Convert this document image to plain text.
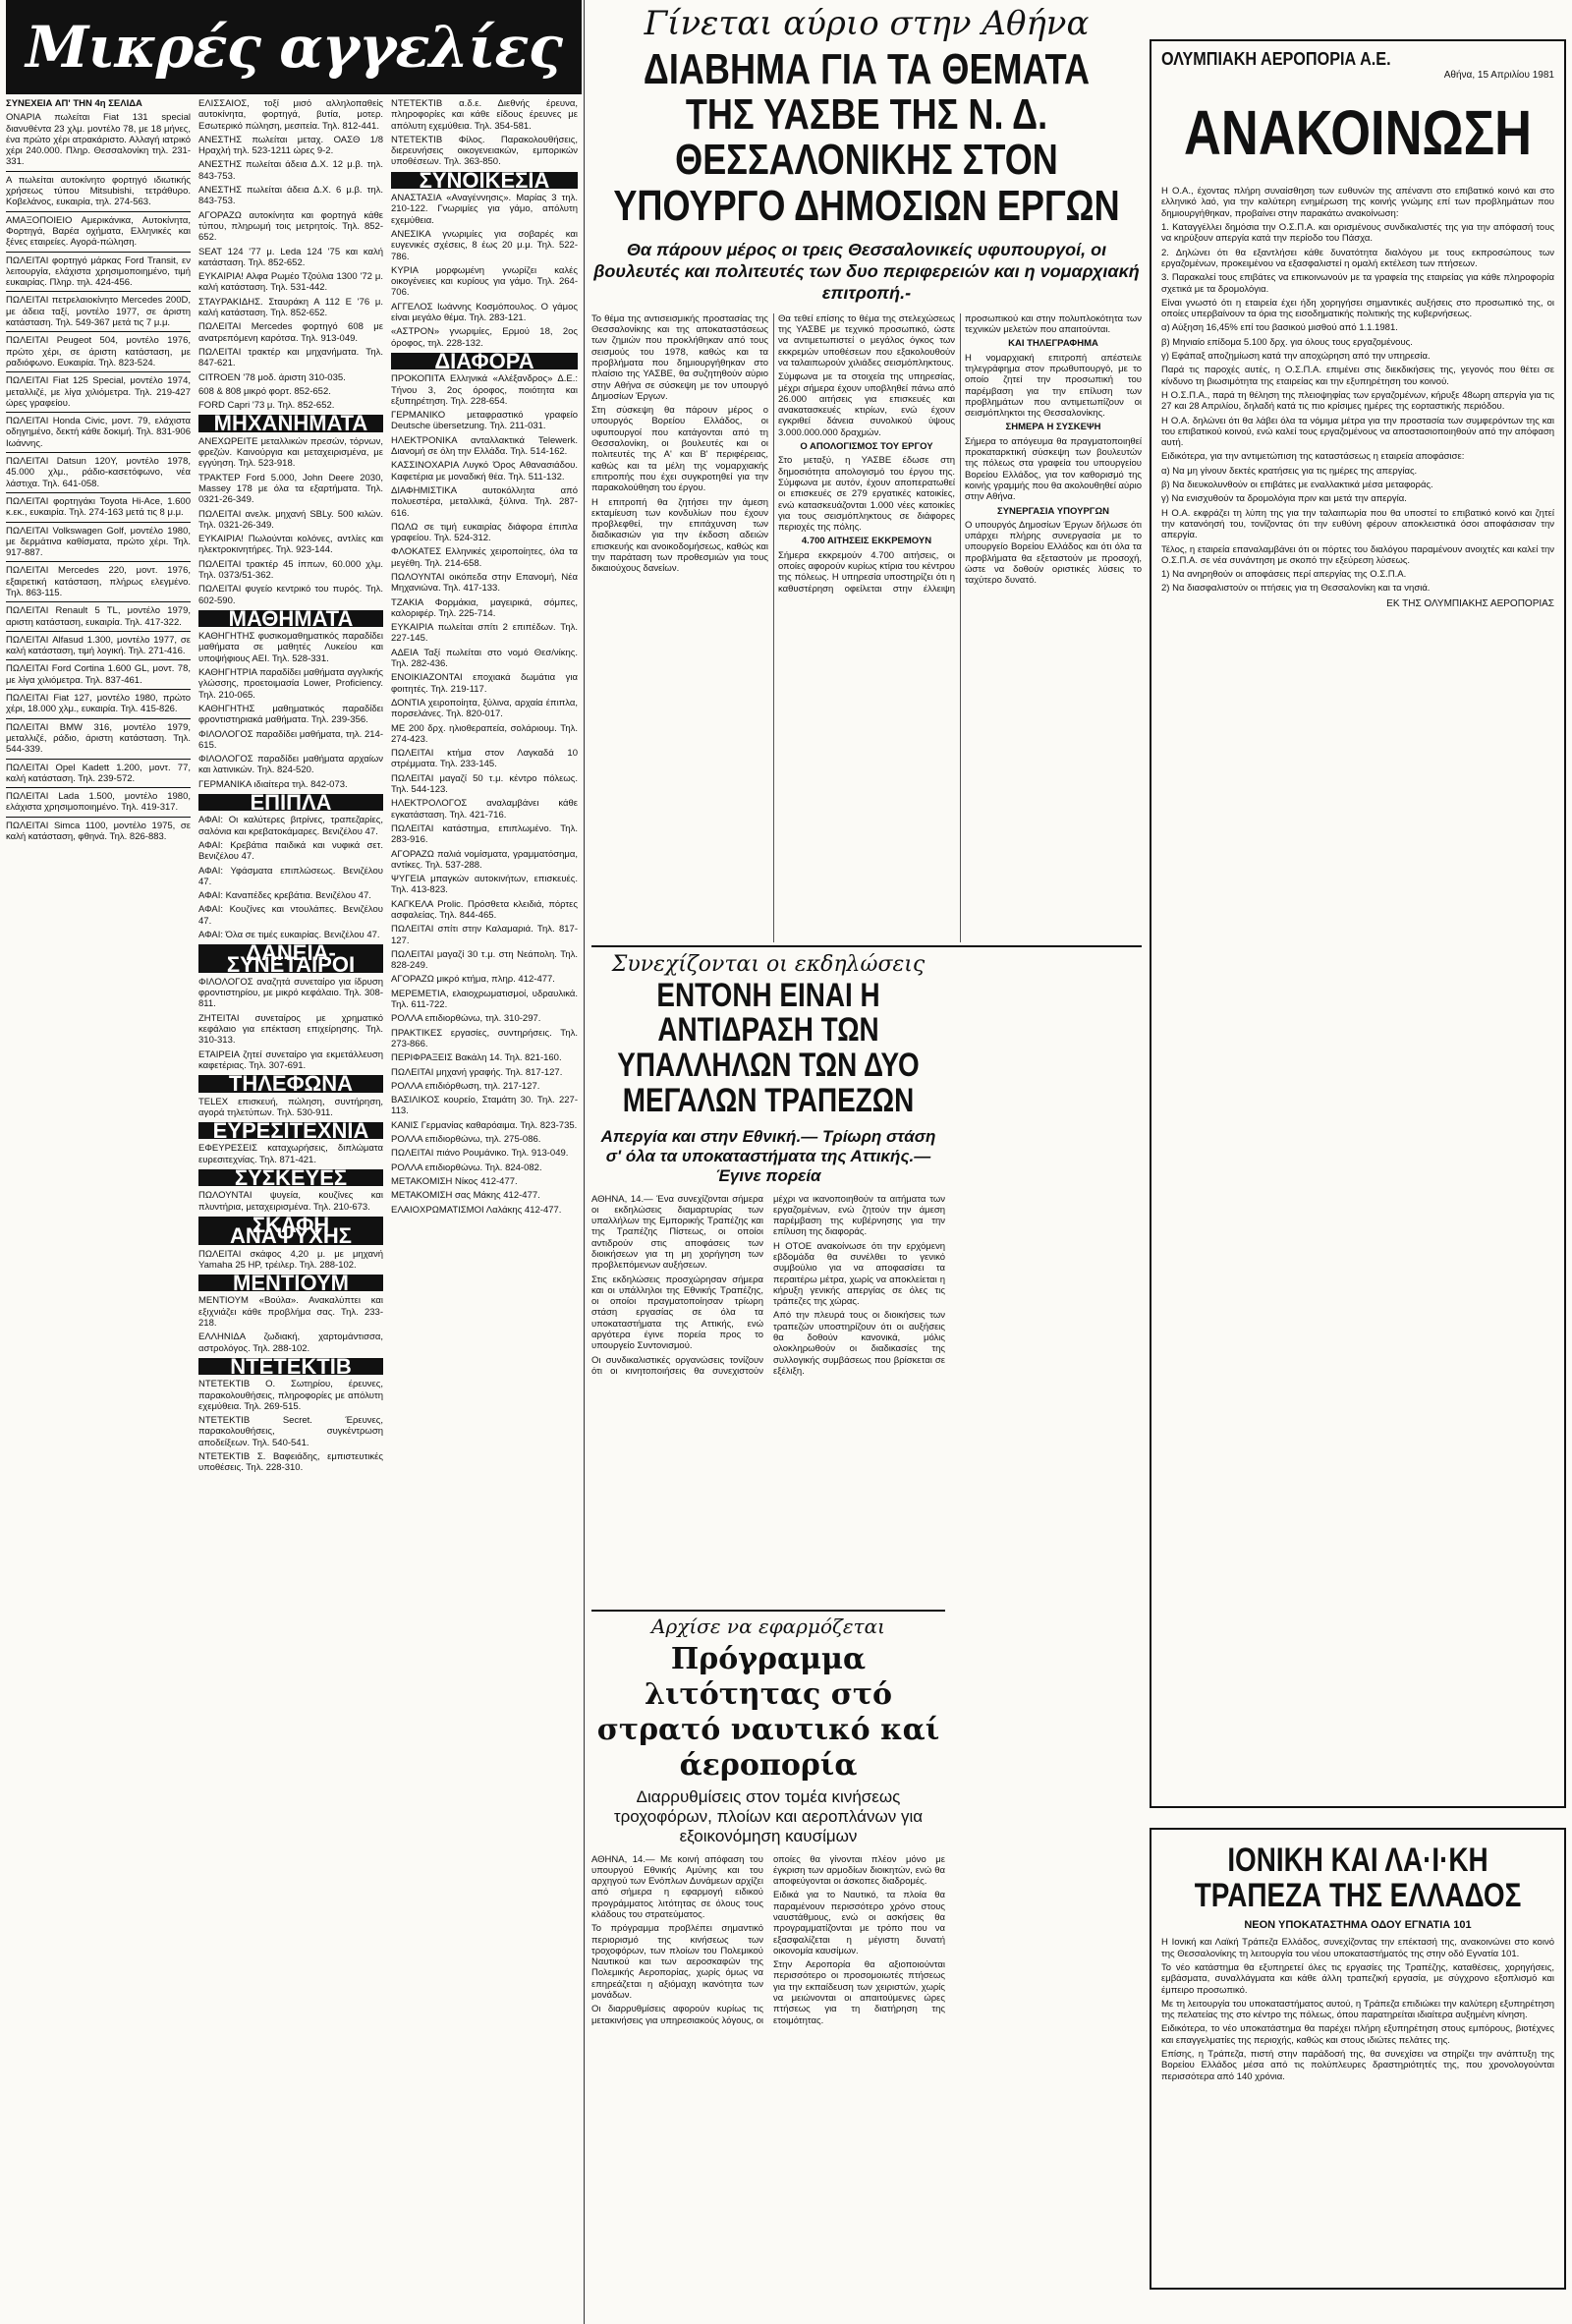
Μικρές αγγελίες

ΣΥΝΕΧΕΙΑ ΑΠ' ΤΗΝ 4η ΣΕΛΙΔΑ

ΟΝΑΡΙΑ πωλείται Fiat 131 special διανυθέντα 23 χλμ. μοντέλο 78, με 18 μήνες, ένα πρώτο χέρι ατρακάριστο. Αλλαγή ιατρικό χέρι 240.000. Πληρ. Θεσσαλονίκη τηλ. 231-331.

Α πωλείται αυτοκίνητο φορτηγό ιδιωτικής χρήσεως τύπου Mitsubishi, τετράθυρο. Κοβελάνος, ευκαιρία, τηλ. 274-563.

ΑΜΑΞΟΠΟΙΕΙΟ Αμερικάνικα, Αυτοκίνητα, Φορτηγά, Βαρέα οχήματα, Ελληνικές και ξένες εταιρείες. Αγορά-πώληση.

ΠΩΛΕΙΤΑΙ φορτηγό μάρκας Ford Transit, εν λειτουργία, ελάχιστα χρησιμοποιημένο, τιμή ευκαιρίας. Πληρ. τηλ. 424-456.

ΠΩΛΕΙΤΑΙ πετρελαιοκίνητο Mercedes 200D, με άδεια ταξί, μοντέλο 1977, σε άριστη κατάσταση. Τηλ. 549-367 μετά τις 7 μ.μ.

ΠΩΛΕΙΤΑΙ Peugeot 504, μοντέλο 1976, πρώτο χέρι, σε άριστη κατάσταση, με ραδιόφωνο. Ευκαιρία. Τηλ. 823-524.

ΠΩΛΕΙΤΑΙ Fiat 125 Special, μοντέλο 1974, μεταλλιζέ, με λίγα χιλιόμετρα. Τηλ. 219-427 ώρες γραφείου.

ΠΩΛΕΙΤΑΙ Honda Civic, μοντ. 79, ελάχιστα οδηγημένο, δεκτή κάθε δοκιμή. Τηλ. 831-906 Ιωάννης.

ΠΩΛΕΙΤΑΙ Datsun 120Y, μοντέλο 1978, 45.000 χλμ., ράδιο-κασετόφωνο, νέα λάστιχα. Τηλ. 641-058.

ΠΩΛΕΙΤΑΙ φορτηγάκι Toyota Hi-Ace, 1.600 κ.εκ., ευκαιρία. Τηλ. 274-163 μετά τις 8 μ.μ.

ΠΩΛΕΙΤΑΙ Volkswagen Golf, μοντέλο 1980, με δερμάτινα καθίσματα, πρώτο χέρι. Τηλ. 917-887.

ΠΩΛΕΙΤΑΙ Mercedes 220, μοντ. 1976, εξαιρετική κατάσταση, πλήρως ελεγμένο. Τηλ. 863-115.

ΠΩΛΕΙΤΑΙ Renault 5 TL, μοντέλο 1979, αριστη κατάσταση, ευκαιρία. Τηλ. 417-322.

ΠΩΛΕΙΤΑΙ Alfasud 1.300, μοντέλο 1977, σε καλή κατάσταση, τιμή λογική. Τηλ. 271-416.

ΠΩΛΕΙΤΑΙ Ford Cortina 1.600 GL, μοντ. 78, με λίγα χιλιόμετρα. Τηλ. 837-461.

ΠΩΛΕΙΤΑΙ Fiat 127, μοντέλο 1980, πρώτο χέρι, 18.000 χλμ., ευκαιρία. Τηλ. 415-826.

ΠΩΛΕΙΤΑΙ BMW 316, μοντέλο 1979, μεταλλιζέ, ράδιο, άριστη κατάσταση. Τηλ. 544-339.

ΠΩΛΕΙΤΑΙ Opel Kadett 1.200, μοντ. 77, καλή κατάσταση. Τηλ. 239-572.

ΠΩΛΕΙΤΑΙ Lada 1.500, μοντέλο 1980, ελάχιστα χρησιμοποιημένο. Τηλ. 419-317.

ΠΩΛΕΙΤΑΙ Simca 1100, μοντέλο 1975, σε καλή κατάσταση, φθηνά. Τηλ. 826-883.

ΕΛΙΣΣΑΙΟΣ, τοξί μισό αλληλοπαθείς αυτοκίνητα, φορτηγά, βυτία, μοτερ. Εσωτερικό πώληση, μεσιτεία. Τηλ. 812-441.

ΑΝΕΣΤΗΣ πωλείται μεταχ. ΟΑΣΘ 1/8 Ηραχλή τηλ. 523-1211 ώρες 9-2.

ΑΝΕΣΤΗΣ πωλείται άδεια Δ.Χ. 12 μ.β. τηλ. 843-753.

ΑΝΕΣΤΗΣ πωλείται άδεια Δ.Χ. 6 μ.β. τηλ. 843-753.

ΑΓΟΡΑΖΩ αυτοκίνητα και φορτηγά κάθε τύπου, πληρωμή τοις μετρητοίς. Τηλ. 852-652.

SEAT 124 '77 μ. Leda 124 '75 και καλή κατάσταση. Τηλ. 852-652.

ΕΥΚΑΙΡΙΑ! Αλφα Ρωμέο Τζούλια 1300 '72 μ. καλή κατάσταση. Τηλ. 531-442.

ΣΤΑΥΡΑΚΙΔΗΣ. Σταυράκη Α 112 Ε '76 μ. καλή κατάσταση. Τηλ. 852-652.

ΠΩΛΕΙΤΑΙ Mercedes φορτηγό 608 με ανατρεπόμενη καρότσα. Τηλ. 913-049.

ΠΩΛΕΙΤΑΙ τρακτέρ και μηχανήματα. Τηλ. 847-621.

CITROEN '78 μοδ. άριστη 310-035.

608 & 808 μικρό φορτ. 852-652.

FORD Capri '73 μ. Τηλ. 852-652.

ΜΗΧΑΝΗΜΑΤΑ

ΑΝΕΧΩΡΕΙΤΕ μεταλλικών πρεσών, τόρνων, φρεζών. Καινούργια και μεταχειρισμένα, με εγγύηση. Τηλ. 523-918.

ΤΡΑΚΤΕΡ Ford 5.000, John Deere 2030, Massey 178 με όλα τα εξαρτήματα. Τηλ. 0321-26-349.

ΠΩΛΕΙΤΑΙ ανελκ. μηχανή SBLy. 500 κιλών. Τηλ. 0321-26-349.

ΕΥΚΑΙΡΙΑ! Πωλούνται κολόνες, αντλίες και ηλεκτροκινητήρες. Τηλ. 923-144.

ΠΩΛΕΙΤΑΙ τρακτέρ 45 ίππων, 60.000 χλμ. Τηλ. 0373/51-362.

ΠΩΛΕΙΤΑΙ φυγείο κεντρικό του πυρός. Τηλ. 602-590.

ΜΑΘΗΜΑΤΑ

ΚΑΘΗΓΗΤΗΣ φυσικομαθηματικός παραδίδει μαθήματα σε μαθητές Λυκείου και υποψήφιους ΑΕΙ. Τηλ. 528-331.

ΚΑΘΗΓΗΤΡΙΑ παραδίδει μαθήματα αγγλικής γλώσσης, προετοιμασία Lower, Proficiency. Τηλ. 210-065.

ΚΑΘΗΓΗΤΗΣ μαθηματικός παραδίδει φροντιστηριακά μαθήματα. Τηλ. 239-356.

ΦΙΛΟΛΟΓΟΣ παραδίδει μαθήματα, τηλ. 214-615.

ΦΙΛΟΛΟΓΟΣ παραδίδει μαθήματα αρχαίων και λατινικών. Τηλ. 824-520.

ΓΕΡΜΑΝΙΚΑ ιδιαίτερα τηλ. 842-073.

ΕΠΙΠΛΑ

ΑΦΑΙ: Οι καλύτερες βιτρίνες, τραπεζαρίες, σαλόνια και κρεβατοκάμαρες. Βενιζέλου 47.

ΑΦΑΙ: Κρεβάτια παιδικά και νυφικά σετ. Βενιζέλου 47.

ΑΦΑΙ: Υφάσματα επιπλώσεως. Βενιζέλου 47.

ΑΦΑΙ: Καναπέδες κρεβάτια. Βενιζέλου 47.

ΑΦΑΙ: Κουζίνες και ντουλάπες. Βενιζέλου 47.

ΑΦΑΙ: Όλα σε τιμές ευκαιρίας. Βενιζέλου 47.

ΔΑΝΕΙΑ-ΣΥΝΕΤΑΙΡΟΙ

ΦΙΛΟΛΟΓΟΣ αναζητά συνεταίρο για ίδρυση φροντιστηρίου, με μικρό κεφάλαιο. Τηλ. 308-811.

ΖΗΤΕΙΤΑΙ συνεταίρος με χρηματικό κεφάλαιο για επέκταση επιχείρησης. Τηλ. 310-313.

ΕΤΑΙΡΕΙΑ ζητεί συνεταίρο για εκμετάλλευση καφετέριας. Τηλ. 307-691.

ΤΗΛΕΦΩΝΑ

TELEX επισκευή, πώληση, συντήρηση, αγορά τηλετύπων. Τηλ. 530-911.

ΕΥΡΕΣΙΤΕΧΝΙΑ

ΕΦΕΥΡΕΣΕΙΣ καταχωρήσεις, διπλώματα ευρεσιτεχνίας. Τηλ. 871-421.

ΣΥΣΚΕΥΕΣ

ΠΩΛΟΥΝΤΑΙ ψυγεία, κουζίνες και πλυντήρια, μεταχειρισμένα. Τηλ. 210-673.

ΣΚΑΦΗ ΑΝΑΨΥΧΗΣ

ΠΩΛΕΙΤΑΙ σκάφος 4,20 μ. με μηχανή Yamaha 25 HP, τρέιλερ. Τηλ. 288-102.

ΜΕΝΤΙΟΥΜ

ΜΕΝΤΙΟΥΜ «Βούλα». Ανακαλύπτει και εξιχνιάζει κάθε προβλήμα σας. Τηλ. 233-218.

ΕΛΛΗΝΙΔΑ ζωδιακή, χαρτομάντισσα, αστρολόγος. Τηλ. 288-102.

ΝΤΕΤΕΚΤΙΒ

ΝΤΕΤΕΚΤΙΒ Ο. Σωτηρίου, έρευνες, παρακολουθήσεις, πληροφορίες με απόλυτη εχεμύθεια. Τηλ. 269-515.

ΝΤΕΤΕΚΤΙΒ Secret. Έρευνες, παρακολουθήσεις, συγκέντρωση αποδείξεων. Τηλ. 540-541.

ΝΤΕΤΕΚΤΙΒ Σ. Βαφειάδης, εμπιστευτικές υποθέσεις. Τηλ. 228-310.

ΝΤΕΤΕΚΤΙΒ α.δ.ε. Διεθνής έρευνα, πληροφορίες και κάθε είδους έρευνες με απόλυτη εχεμύθεια. Τηλ. 354-581.

ΝΤΕΤΕΚΤΙΒ Φίλος. Παρακολουθήσεις, διερευνήσεις οικογενειακών, εμπορικών υποθέσεων. Τηλ. 363-850.

ΣΥΝΟΙΚΕΣΙΑ

ΑΝΑΣΤΑΣΙΑ «Αναγέννησις». Μαρίας 3 τηλ. 210-122. Γνωριμίες για γάμο, απόλυτη εχεμύθεια.

ΑΝΕΣΙΚΑ γνωριμίες για σοβαρές και ευγενικές σχέσεις, 8 έως 20 μ.μ. Τηλ. 522-786.

ΚΥΡΙΑ μορφωμένη γνωρίζει καλές οικογένειες και κυρίους για γάμο. Τηλ. 264-706.

ΑΓΓΕΛΟΣ Ιωάννης Κοσμόπουλος. Ο γάμος είναι μεγάλο θέμα. Τηλ. 283-121.

«ΑΣΤΡΟΝ» γνωριμίες, Ερμού 18, 2ος όροφος, τηλ. 228-132.

ΔΙΑΦΟΡΑ

ΠΡΟΚΟΠΙΤΑ Ελληνικά «Αλέξανδρος» Δ.Ε.: Τήνου 3, 2ος όροφος, ποιότητα και εξυπηρέτηση. Τηλ. 228-654.

ΓΕΡΜΑΝΙΚΟ μεταφραστικό γραφείο Deutsche übersetzung. Τηλ. 211-031.

ΗΛΕΚΤΡΟΝΙΚΑ ανταλλακτικά Telewerk. Διανομή σε όλη την Ελλάδα. Τηλ. 514-162.

ΚΑΣΣΙΝΟΧΑΡΙΑ Λυγκό Όρος Αθανασιάδου. Καφετέρια με μοναδική θέα. Τηλ. 511-132.

ΔΙΑΦΗΜΙΣΤΙΚΑ αυτοκόλλητα από πολυεστέρα, μεταλλικά, ξύλινα. Τηλ. 287-616.

ΠΩΛΩ σε τιμή ευκαιρίας διάφορα έπιπλα γραφείου. Τηλ. 524-312.

ΦΛΟΚΑΤΕΣ Ελληνικές χειροποίητες, όλα τα μεγέθη. Τηλ. 214-658.

ΠΩΛΟΥΝΤΑΙ οικόπεδα στην Επανομή, Νέα Μηχανιώνα. Τηλ. 417-133.

ΤΖΑΚΙΑ Φορμάκια, μαγειρικά, σόμπες, καλοριφέρ. Τηλ. 225-714.

ΕΥΚΑΙΡΙΑ πωλείται σπίτι 2 επιπέδων. Τηλ. 227-145.

ΑΔΕΙΑ Ταξί πωλείται στο νομό Θεσ/νίκης. Τηλ. 282-436.

ΕΝΟΙΚΙΑΖΟΝΤΑΙ εποχιακά δωμάτια για φοιτητές. Τηλ. 219-117.

ΔΟΝΤΙΑ χειροποίητα, ξύλινα, αρχαία έπιπλα, πορσελάνες. Τηλ. 820-017.

ΜΕ 200 δρχ. ηλιοθεραπεία, σολάριουμ. Τηλ. 274-423.

ΠΩΛΕΙΤΑΙ κτήμα στον Λαγκαδά 10 στρέμματα. Τηλ. 233-145.

ΠΩΛΕΙΤΑΙ μαγαζί 50 τ.μ. κέντρο πόλεως. Τηλ. 544-123.

ΗΛΕΚΤΡΟΛΟΓΟΣ αναλαμβάνει κάθε εγκατάσταση. Τηλ. 421-716.

ΠΩΛΕΙΤΑΙ κατάστημα, επιπλωμένο. Τηλ. 283-916.

ΑΓΟΡΑΖΩ παλιά νομίσματα, γραμματόσημα, αντίκες. Τηλ. 537-288.

ΨΥΓΕΙΑ μπαγκών αυτοκινήτων, επισκευές. Τηλ. 413-823.

ΚΑΓΚΕΛΑ Prolic. Πρόσθετα κλειδιά, πόρτες ασφαλείας. Τηλ. 844-465.

ΠΩΛΕΙΤΑΙ σπίτι στην Καλαμαριά. Τηλ. 817-127.

ΠΩΛΕΙΤΑΙ μαγαζί 30 τ.μ. στη Νεάπολη. Τηλ. 828-249.

ΑΓΟΡΑΖΩ μικρό κτήμα, πληρ. 412-477.

ΜΕΡΕΜΕΤΙΑ, ελαιοχρωματισμοί, υδραυλικά. Τηλ. 611-722.

ΡΟΛΛΑ επιδιορθώνω, τηλ. 310-297.

ΠΡΑΚΤΙΚΕΣ εργασίες, συντηρήσεις. Τηλ. 273-866.

ΠΕΡΙΦΡΑΞΕΙΣ Βακάλη 14. Τηλ. 821-160.

ΠΩΛΕΙΤΑΙ μηχανή γραφής. Τηλ. 817-127.

ΡΟΛΛΑ επιδιόρθωση, τηλ. 217-127.

ΒΑΣΙΛΙΚΟΣ κουρείο, Σταμάτη 30. Τηλ. 227-113.

ΚΑΝΙΣ Γερμανίας καθαρόαιμα. Τηλ. 823-735.

ΡΟΛΛΑ επιδιορθώνω, τηλ. 275-086.

ΠΩΛΕΙΤΑΙ πιάνο Ρουμάνικο. Τηλ. 913-049.

ΡΟΛΛΑ επιδιορθώνω. Τηλ. 824-082.

ΜΕΤΑΚΟΜΙΣΗ Νίκος 412-477.

ΜΕΤΑΚΟΜΙΣΗ σας Μάκης 412-477.

ΕΛΑΙΟΧΡΩΜΑΤΙΣΜΟΙ Λαλάκης 412-477.

Γίνεται αύριο στην Αθήνα
ΔΙΑΒΗΜΑ ΓΙΑ ΤΑ ΘΕΜΑΤΑ ΤΗΣ ΥΑΣΒΕ ΤΗΣ Ν. Δ. ΘΕΣΣΑΛΟΝΙΚΗΣ ΣΤΟΝ ΥΠΟΥΡΓΟ ΔΗΜΟΣΙΩΝ ΕΡΓΩΝ
Θα πάρουν μέρος οι τρεις Θεσσαλονικείς υφυπουργοί, οι βουλευτές και πολιτευτές των δυο περιφερειών και η νομαρχιακή επιτροπή.-

Το θέμα της αντισεισμικής προστασίας της Θεσσαλονίκης και της αποκαταστάσεως των ζημιών που προκλήθηκαν από τους σεισμούς του 1978, καθώς και τα προβλήματα που δημιουργήθηκαν στο πλαίσιο της ΥΑΣΒΕ, θα συζητηθούν αύριο στην Αθήνα σε σύσκεψη με τον υπουργό Δημοσίων Έργων.

Στη σύσκεψη θα πάρουν μέρος ο υπουργός Βορείου Ελλάδος, οι υφυπουργοί που κατάγονται από τη Θεσσαλονίκη, οι βουλευτές και οι πολιτευτές της Α' και Β' περιφέρειας, καθώς και τα μέλη της νομαρχιακής επιτροπής που έχει συγκροτηθεί για την παρακολούθηση του έργου.

Η επιτροπή θα ζητήσει την άμεση εκταμίευση των κονδυλίων που έχουν προβλεφθεί, την επιτάχυνση των διαδικασιών για την έκδοση αδειών επισκευής και ανοικοδομήσεως, καθώς και την παράταση των προθεσμιών για τους δικαιούχους δανείων.

Θα τεθεί επίσης το θέμα της στελεχώσεως της ΥΑΣΒΕ με τεχνικό προσωπικό, ώστε να αντιμετωπιστεί ο μεγάλος όγκος των εκκρεμών υποθέσεων που εξακολουθούν να ταλαιπωρούν χιλιάδες σεισμόπληκτους.

Σύμφωνα με τα στοιχεία της υπηρεσίας, μέχρι σήμερα έχουν υποβληθεί πάνω από 26.000 αιτήσεις για επισκευές και ανακατασκευές κτιρίων, ενώ έχουν εγκριθεί δάνεια συνολικού ύψους 3.000.000.000 δραχμών.

Ο ΑΠΟΛΟΓΙΣΜΟΣ ΤΟΥ ΕΡΓΟΥ

Στο μεταξύ, η ΥΑΣΒΕ έδωσε στη δημοσιότητα απολογισμό του έργου της. Σύμφωνα με αυτόν, έχουν αποπερατωθεί οι επισκευές σε 279 εργατικές κατοικίες, ενώ κατασκευάζονται 1.000 νέες κατοικίες για τους σεισμόπληκτους σε διάφορες περιοχές της πόλης.

4.700 ΑΙΤΗΣΕΙΣ ΕΚΚΡΕΜΟΥΝ

Σήμερα εκκρεμούν 4.700 αιτήσεις, οι οποίες αφορούν κυρίως κτίρια του κέντρου της πόλεως. Η υπηρεσία υποστηρίζει ότι η καθυστέρηση οφείλεται στην έλλειψη προσωπικού και στην πολυπλοκότητα των τεχνικών μελετών που απαιτούνται.

ΚΑΙ ΤΗΛΕΓΡΑΦΗΜΑ

Η νομαρχιακή επιτροπή απέστειλε τηλεγράφημα στον πρωθυπουργό, με το οποίο ζητεί την προσωπική του παρέμβαση για την επίλυση των προβλημάτων που αντιμετωπίζουν οι σεισμόπληκτοι της Θεσσαλονίκης.

ΣΗΜΕΡΑ Η ΣΥΣΚΕΨΗ

Σήμερα το απόγευμα θα πραγματοποιηθεί προκαταρκτική σύσκεψη των βουλευτών της πόλεως στα γραφεία του υπουργείου Βορείου Ελλάδος, για τον καθορισμό της κοινής γραμμής που θα ακολουθηθεί αύριο στην Αθήνα.

ΣΥΝΕΡΓΑΣΙΑ ΥΠΟΥΡΓΩΝ

Ο υπουργός Δημοσίων Έργων δήλωσε ότι υπάρχει πλήρης συνεργασία με το υπουργείο Βορείου Ελλάδος και ότι όλα τα προβλήματα θα εξεταστούν με προσοχή, ώστε να δοθούν οριστικές λύσεις το ταχύτερο δυνατό.

Συνεχίζονται οι εκδηλώσεις
ΕΝΤΟΝΗ ΕΙΝΑΙ Η ΑΝΤΙΔΡΑΣΗ ΤΩΝ ΥΠΑΛΛΗΛΩΝ ΤΩΝ ΔΥΟ ΜΕΓΑΛΩΝ ΤΡΑΠΕΖΩΝ
Απεργία και στην Εθνική.— Τρίωρη στάση σ' όλα τα υποκαταστήματα της Αττικής.— Έγινε πορεία

ΑΘΗΝΑ, 14.— Ένα συνεχίζονται σήμερα οι εκδηλώσεις διαμαρτυρίας των υπαλλήλων της Εμπορικής Τραπέζης και της Τραπέζης Πίστεως, οι οποίοι αντιδρούν στις αποφάσεις των διοικήσεων για τη μη χορήγηση των προβλεπόμενων αυξήσεων.

Στις εκδηλώσεις προσχώρησαν σήμερα και οι υπάλληλοι της Εθνικής Τραπέζης, οι οποίοι πραγματοποίησαν τρίωρη στάση εργασίας σε όλα τα υποκαταστήματα της Αττικής, ενώ αργότερα έγινε πορεία προς το υπουργείο Συντονισμού.

Οι συνδικαλιστικές οργανώσεις τονίζουν ότι οι κινητοποιήσεις θα συνεχιστούν μέχρι να ικανοποιηθούν τα αιτήματα των εργαζομένων, ενώ ζητούν την άμεση παρέμβαση της κυβέρνησης για την επίλυση της διαφοράς.

Η ΟΤΟΕ ανακοίνωσε ότι την ερχόμενη εβδομάδα θα συνέλθει το γενικό συμβούλιο για να αποφασίσει τα περαιτέρω μέτρα, χωρίς να αποκλείεται η κήρυξη γενικής απεργίας σε όλες τις τράπεζες της χώρας.

Από την πλευρά τους οι διοικήσεις των τραπεζών υποστηρίζουν ότι οι αυξήσεις θα δοθούν κανονικά, μόλις ολοκληρωθούν οι διαδικασίες της συλλογικής συμβάσεως που βρίσκεται σε εξέλιξη.

Αρχίσε να εφαρμόζεται
Πρόγραμμα λιτότητας στό στρατό ναυτικό καί άεροπορία
Διαρρυθμίσεις στον τομέα κινήσεως τροχοφόρων, πλοίων και αεροπλάνων για εξοικονόμηση καυσίμων

ΑΘΗΝΑ, 14.— Με κοινή απόφαση του υπουργού Εθνικής Αμύνης και του αρχηγού των Ενόπλων Δυνάμεων αρχίζει από σήμερα η εφαρμογή ειδικού προγράμματος λιτότητας σε όλους τους κλάδους του στρατεύματος.

Το πρόγραμμα προβλέπει σημαντικό περιορισμό της κινήσεως των τροχοφόρων, των πλοίων του Πολεμικού Ναυτικού και των αεροσκαφών της Πολεμικής Αεροπορίας, χωρίς όμως να επηρεάζεται η αξιόμαχη ικανότητα των μονάδων.

Οι διαρρυθμίσεις αφορούν κυρίως τις μετακινήσεις για υπηρεσιακούς λόγους, οι οποίες θα γίνονται πλέον μόνο με έγκριση των αρμοδίων διοικητών, ενώ θα αποφεύγονται οι άσκοπες διαδρομές.

Ειδικά για το Ναυτικό, τα πλοία θα παραμένουν περισσότερο χρόνο στους ναυστάθμους, ενώ οι ασκήσεις θα προγραμματίζονται με τρόπο που να εξασφαλίζεται η μέγιστη δυνατή οικονομία καυσίμων.

Στην Αεροπορία θα αξιοποιούνται περισσότερο οι προσομοιωτές πτήσεως για την εκπαίδευση των χειριστών, χωρίς να μειώνονται οι απαιτούμενες ώρες πτήσεως για τη διατήρηση της ετοιμότητας.

ΟΛΥΜΠΙΑΚΗ ΑΕΡΟΠΟΡΙΑ Α.Ε.
Αθήνα, 15 Απριλίου 1981
ΑΝΑΚΟΙΝΩΣΗ

Η Ο.Α., έχοντας πλήρη συναίσθηση των ευθυνών της απέναντι στο επιβατικό κοινό και στο ελληνικό λαό, για την καλύτερη ενημέρωση της κοινής γνώμης επί των προβλημάτων που δημιουργήθηκαν, προβαίνει στην παρακάτω ανακοίνωση:

1. Καταγγέλλει δημόσια την Ο.Σ.Π.Α. και ορισμένους συνδικαλιστές της για την απόφασή τους να κηρύξουν απεργία κατά την περίοδο του Πάσχα.

2. Δηλώνει ότι θα εξαντλήσει κάθε δυνατότητα διαλόγου με τους εκπροσώπους των εργαζομένων, προκειμένου να εξασφαλιστεί η ομαλή εκτέλεση των πτήσεων.

3. Παρακαλεί τους επιβάτες να επικοινωνούν με τα γραφεία της εταιρείας για κάθε πληροφορία σχετικά με τα δρομολόγια.

Είναι γνωστό ότι η εταιρεία έχει ήδη χορηγήσει σημαντικές αυξήσεις στο προσωπικό της, οι οποίες υπερβαίνουν τα όρια της εισοδηματικής πολιτικής της κυβερνήσεως.

α) Αύξηση 16,45% επί του βασικού μισθού από 1.1.1981.

β) Μηνιαίο επίδομα 5.100 δρχ. για όλους τους εργαζομένους.

γ) Εφάπαξ αποζημίωση κατά την αποχώρηση από την υπηρεσία.

Παρά τις παροχές αυτές, η Ο.Σ.Π.Α. επιμένει στις διεκδικήσεις της, γεγονός που θέτει σε κίνδυνο τη βιωσιμότητα της εταιρείας και την εξυπηρέτηση του κοινού.

Η Ο.Σ.Π.Α., παρά τη θέληση της πλειοψηφίας των εργαζομένων, κήρυξε 48ωρη απεργία για τις 27 και 28 Απριλίου, δηλαδή κατά τις πιο κρίσιμες ημέρες της εορταστικής περιόδου.

Η Ο.Α. δηλώνει ότι θα λάβει όλα τα νόμιμα μέτρα για την προστασία των συμφερόντων της και του επιβατικού κοινού, ενώ καλεί τους εργαζομένους να αποστασιοποιηθούν από την απόφαση αυτή.

Ειδικότερα, για την αντιμετώπιση της καταστάσεως η εταιρεία αποφάσισε:

α) Να μη γίνουν δεκτές κρατήσεις για τις ημέρες της απεργίας.

β) Να διευκολυνθούν οι επιβάτες με εναλλακτικά μέσα μεταφοράς.

γ) Να ενισχυθούν τα δρομολόγια πριν και μετά την απεργία.

Η Ο.Α. εκφράζει τη λύπη της για την ταλαιπωρία που θα υποστεί το επιβατικό κοινό και ζητεί την κατανόησή του, τονίζοντας ότι την ευθύνη φέρουν αποκλειστικά όσοι αποφάσισαν την απεργία.

Τέλος, η εταιρεία επαναλαμβάνει ότι οι πόρτες του διαλόγου παραμένουν ανοιχτές και καλεί την Ο.Σ.Π.Α. σε νέα συνάντηση με σκοπό την εξεύρεση λύσεως.

1) Να ανηρηθούν οι αποφάσεις περί απεργίας της Ο.Σ.Π.Α.

2) Να διασφαλιστούν οι πτήσεις για τη Θεσσαλονίκη και τα νησιά.

ΕΚ ΤΗΣ ΟΛΥΜΠΙΑΚΗΣ ΑΕΡΟΠΟΡΙΑΣ
ΙΟΝΙΚΗ ΚΑΙ ΛΑ·Ι·ΚΗ ΤΡΑΠΕΖΑ ΤΗΣ ΕΛΛΑΔΟΣ
ΝΕΟΝ ΥΠΟΚΑΤΑΣΤΗΜΑ ΟΔΟΥ ΕΓΝΑΤΙΑ 101

Η Ιονική και Λαϊκή Τράπεζα Ελλάδος, συνεχίζοντας την επέκτασή της, ανακοινώνει στο κοινό της Θεσσαλονίκης τη λειτουργία του νέου υποκαταστήματός της στην οδό Εγνατία 101.

Το νέο κατάστημα θα εξυπηρετεί όλες τις εργασίες της Τραπέζης, καταθέσεις, χορηγήσεις, εμβάσματα, συναλλάγματα και κάθε άλλη τραπεζική εργασία, με σύγχρονο εξοπλισμό και έμπειρο προσωπικό.

Με τη λειτουργία του υποκαταστήματος αυτού, η Τράπεζα επιδιώκει την καλύτερη εξυπηρέτηση της πελατείας της στο κέντρο της πόλεως, όπου παρατηρείται ιδιαίτερα αυξημένη κίνηση.

Ειδικότερα, το νέο υποκατάστημα θα παρέχει πλήρη εξυπηρέτηση στους εμπόρους, βιοτέχνες και επαγγελματίες της περιοχής, καθώς και στους ιδιώτες πελάτες της.

Επίσης, η Τράπεζα, πιστή στην παράδοσή της, θα συνεχίσει να στηρίζει την ανάπτυξη της Βορείου Ελλάδος μέσα από τις πολύπλευρες δραστηριότητές της, που χρονολογούνται περισσότερα από 140 χρόνια.
